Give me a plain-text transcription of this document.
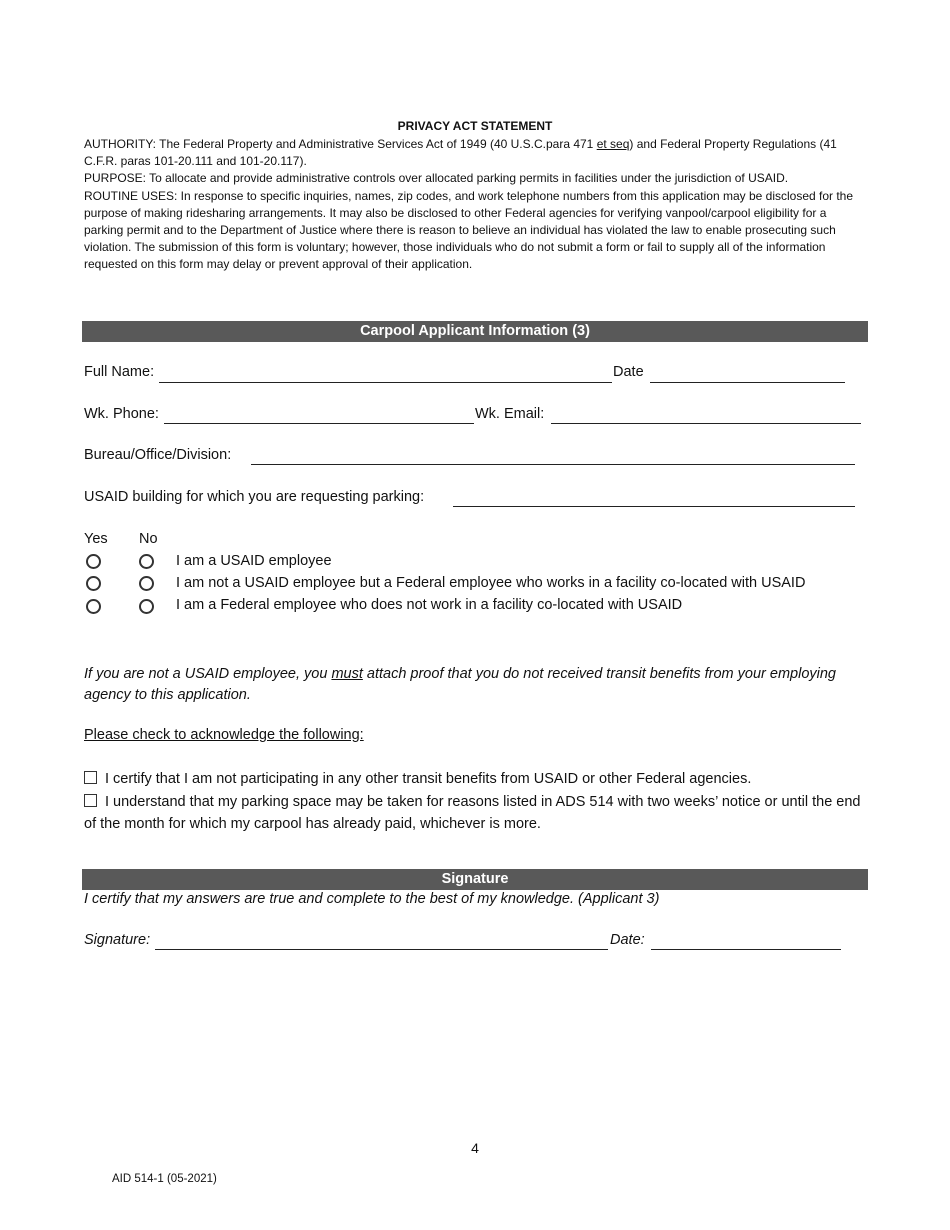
PRIVACY ACT STATEMENT

AUTHORITY: The Federal Property and Administrative Services Act of 1949 (40 U.S.C.para 471 et seq) and Federal Property Regulations (41 C.F.R. paras 101-20.111 and 101-20.117).

PURPOSE: To allocate and provide administrative controls over allocated parking permits in facilities under the jurisdiction of USAID.

ROUTINE USES: In response to specific inquiries, names, zip codes, and work telephone numbers from this application may be disclosed for the purpose of making ridesharing arrangements. It may also be disclosed to other Federal agencies for verifying vanpool/carpool eligibility for a parking permit and to the Department of Justice where there is reason to believe an individual has violated the law to enable prosecuting such violation. The submission of this form is voluntary; however, those individuals who do not submit a form or fail to supply all of the information requested on this form may delay or prevent approval of their application.

Carpool Applicant Information (3)
Full Name:	Date
Wk. Phone:	Wk. Email:
Bureau/Office/Division:
USAID building for which you are requesting parking:
Yes No
I am a USAID employee
I am not a USAID employee but a Federal employee who works in a facility co-located with USAID
I am a Federal employee who does not work in a facility co-located with USAID
If you are not a USAID employee, you must attach proof that you do not received transit benefits from your employing agency to this application.
Please check to acknowledge the following:
I certify that I am not participating in any other transit benefits from USAID or other Federal agencies.
I understand that my parking space may be taken for reasons listed in ADS 514 with two weeks’ notice or until the end of the month for which my carpool has already paid, whichever is more.
Signature
I certify that my answers are true and complete to the best of my knowledge. (Applicant 3)
Signature:	Date:
4
AID 514-1 (05-2021)
